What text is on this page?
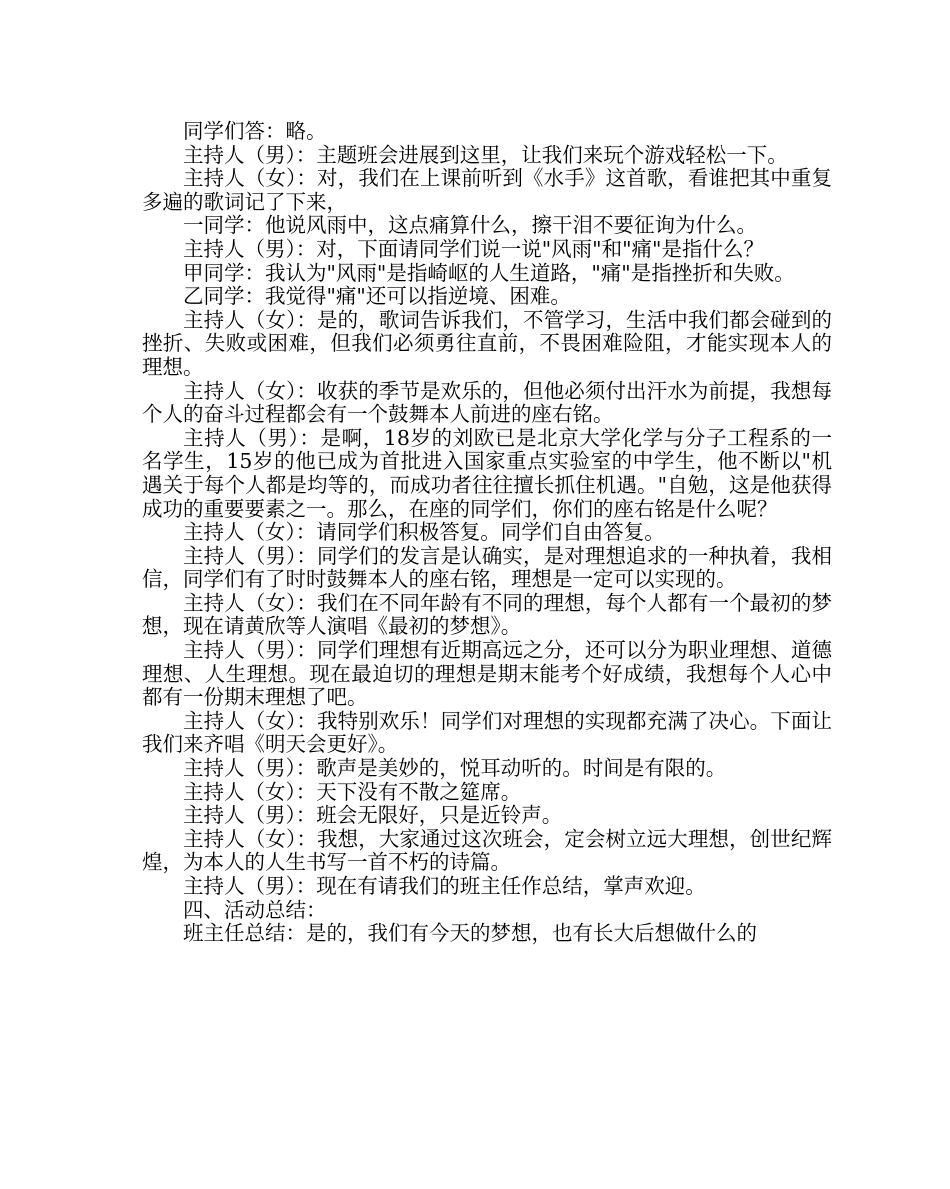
同学们答：略。

主持人（男）：主题班会进展到这里，让我们来玩个游戏轻松一下。

主持人（女）：对，我们在上课前听到《水手》这首歌，看谁把其中重复多遍的歌词记了下来，

一同学：他说风雨中，这点痛算什么，擦干泪不要征询为什么。

主持人（男）：对，下面请同学们说一说"风雨"和"痛"是指什么？

甲同学：我认为"风雨"是指崎岖的人生道路，"痛"是指挫折和失败。

乙同学：我觉得"痛"还可以指逆境、困难。

主持人（女）：是的，歌词告诉我们，不管学习，生活中我们都会碰到的挫折、失败或困难，但我们必须勇往直前，不畏困难险阻，才能实现本人的理想。

主持人（女）：收获的季节是欢乐的，但他必须付出汗水为前提，我想每个人的奋斗过程都会有一个鼓舞本人前进的座右铭。

主持人（男）：是啊，18岁的刘欧已是北京大学化学与分子工程系的一名学生，15岁的他已成为首批进入国家重点实验室的中学生，他不断以"机遇关于每个人都是均等的，而成功者往往擅长抓住机遇。"自勉，这是他获得成功的重要要素之一。那么，在座的同学们，你们的座右铭是什么呢？

主持人（女）：请同学们积极答复。同学们自由答复。

主持人（男）：同学们的发言是认确实，是对理想追求的一种执着，我相信，同学们有了时时鼓舞本人的座右铭，理想是一定可以实现的。

主持人（女）：我们在不同年龄有不同的理想，每个人都有一个最初的梦想，现在请黄欣等人演唱《最初的梦想》。

主持人（男）：同学们理想有近期高远之分，还可以分为职业理想、道德理想、人生理想。现在最迫切的理想是期末能考个好成绩，我想每个人心中都有一份期末理想了吧。

主持人（女）：我特别欢乐！同学们对理想的实现都充满了决心。下面让我们来齐唱《明天会更好》。

主持人（男）：歌声是美妙的，悦耳动听的。时间是有限的。

主持人（女）：天下没有不散之筵席。

主持人（男）：班会无限好，只是近铃声。

主持人（女）：我想，大家通过这次班会，定会树立远大理想，创世纪辉煌，为本人的人生书写一首不朽的诗篇。

主持人（男）：现在有请我们的班主任作总结，掌声欢迎。

四、活动总结：

班主任总结：是的，我们有今天的梦想，也有长大后想做什么的
